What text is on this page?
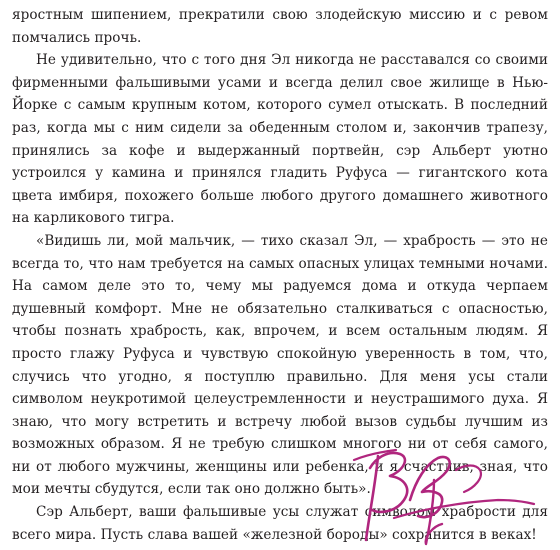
яростным шипением, прекратили свою злодейскую миссию и с ревом помчались прочь.

Не удивительно, что с того дня Эл никогда не расставался со своими фирменными фальшивыми усами и всегда делил свое жилище в Нью-Йорке с самым крупным котом, которого сумел отыскать. В последний раз, когда мы с ним сидели за обеденным столом и, закончив трапезу, принялись за кофе и выдержанный портвейн, сэр Альберт уютно устроился у камина и принялся гладить Руфуса — гигантского кота цвета имбиря, похожего больше любого другого домашнего животного на карликового тигра.

«Видишь ли, мой мальчик, — тихо сказал Эл, — храбрость — это не всегда то, что нам требуется на самых опасных улицах темными ночами. На самом деле это то, чему мы радуемся дома и откуда черпаем душевный комфорт. Мне не обязательно сталкиваться с опасностью, чтобы познать храбрость, как, впрочем, и всем остальным людям. Я просто глажу Руфуса и чувствую спокойную уверенность в том, что, случись что угодно, я поступлю правильно. Для меня усы стали символом неукротимой целеустремленности и неустрашимого духа. Я знаю, что могу встретить и встречу любой вызов судьбы лучшим из возможных образом. Я не требую слишком многого ни от себя самого, ни от любого мужчины, женщины или ребенка, и я счастлив, зная, что мои мечты сбудутся, если так оно должно быть».

Сэр Альберт, ваши фальшивые усы служат символом храбрости для всего мира. Пусть слава вашей «железной бороды» сохранится в веках!
